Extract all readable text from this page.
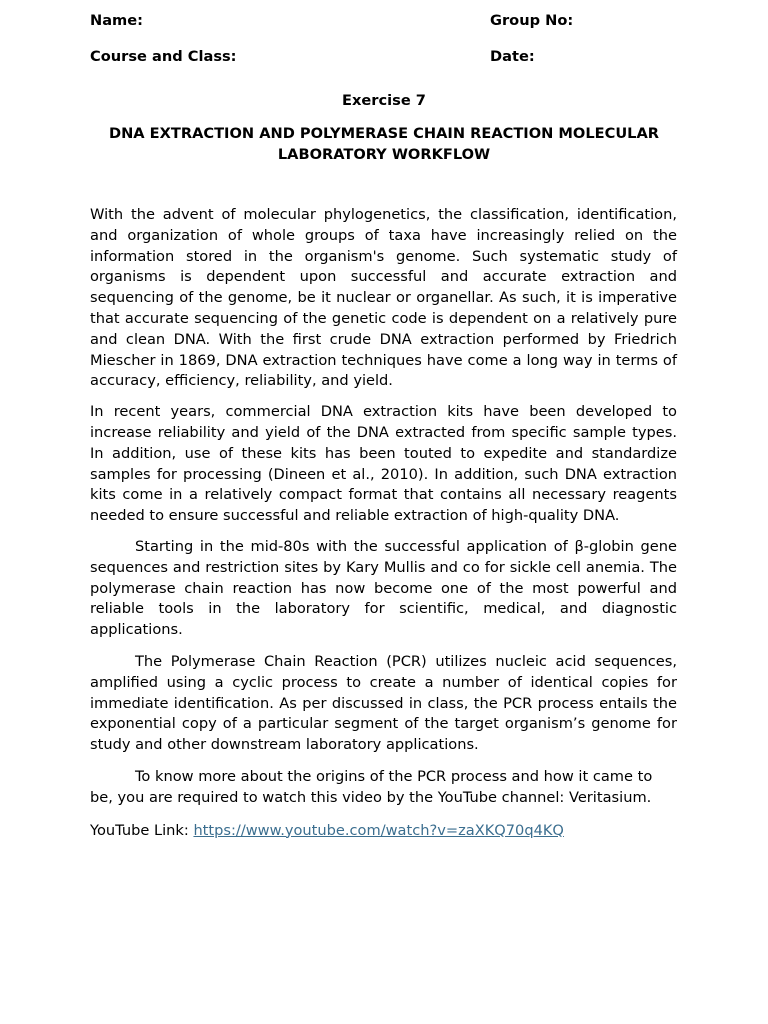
Name:	Group No:
Course and Class:	Date:
Exercise 7
DNA EXTRACTION AND POLYMERASE CHAIN REACTION MOLECULAR LABORATORY WORKFLOW

With the advent of molecular phylogenetics, the classification, identification, and organization of whole groups of taxa have increasingly relied on the information stored in the organism's genome. Such systematic study of organisms is dependent upon successful and accurate extraction and sequencing of the genome, be it nuclear or organellar. As such, it is imperative that accurate sequencing of the genetic code is dependent on a relatively pure and clean DNA. With the first crude DNA extraction performed by Friedrich Miescher in 1869, DNA extraction techniques have come a long way in terms of accuracy, efficiency, reliability, and yield.

In recent years, commercial DNA extraction kits have been developed to increase reliability and yield of the DNA extracted from specific sample types. In addition, use of these kits has been touted to expedite and standardize samples for processing (Dineen et al., 2010). In addition, such DNA extraction kits come in a relatively compact format that contains all necessary reagents needed to ensure successful and reliable extraction of high-quality DNA.

Starting in the mid-80s with the successful application of β-globin gene sequences and restriction sites by Kary Mullis and co for sickle cell anemia. The polymerase chain reaction has now become one of the most powerful and reliable tools in the laboratory for scientific, medical, and diagnostic applications.

The Polymerase Chain Reaction (PCR) utilizes nucleic acid sequences, amplified using a cyclic process to create a number of identical copies for immediate identification. As per discussed in class, the PCR process entails the exponential copy of a particular segment of the target organism’s genome for study and other downstream laboratory applications.

To know more about the origins of the PCR process and how it came to be, you are required to watch this video by the YouTube channel: Veritasium.

YouTube Link: https://www.youtube.com/watch?v=zaXKQ70q4KQ
